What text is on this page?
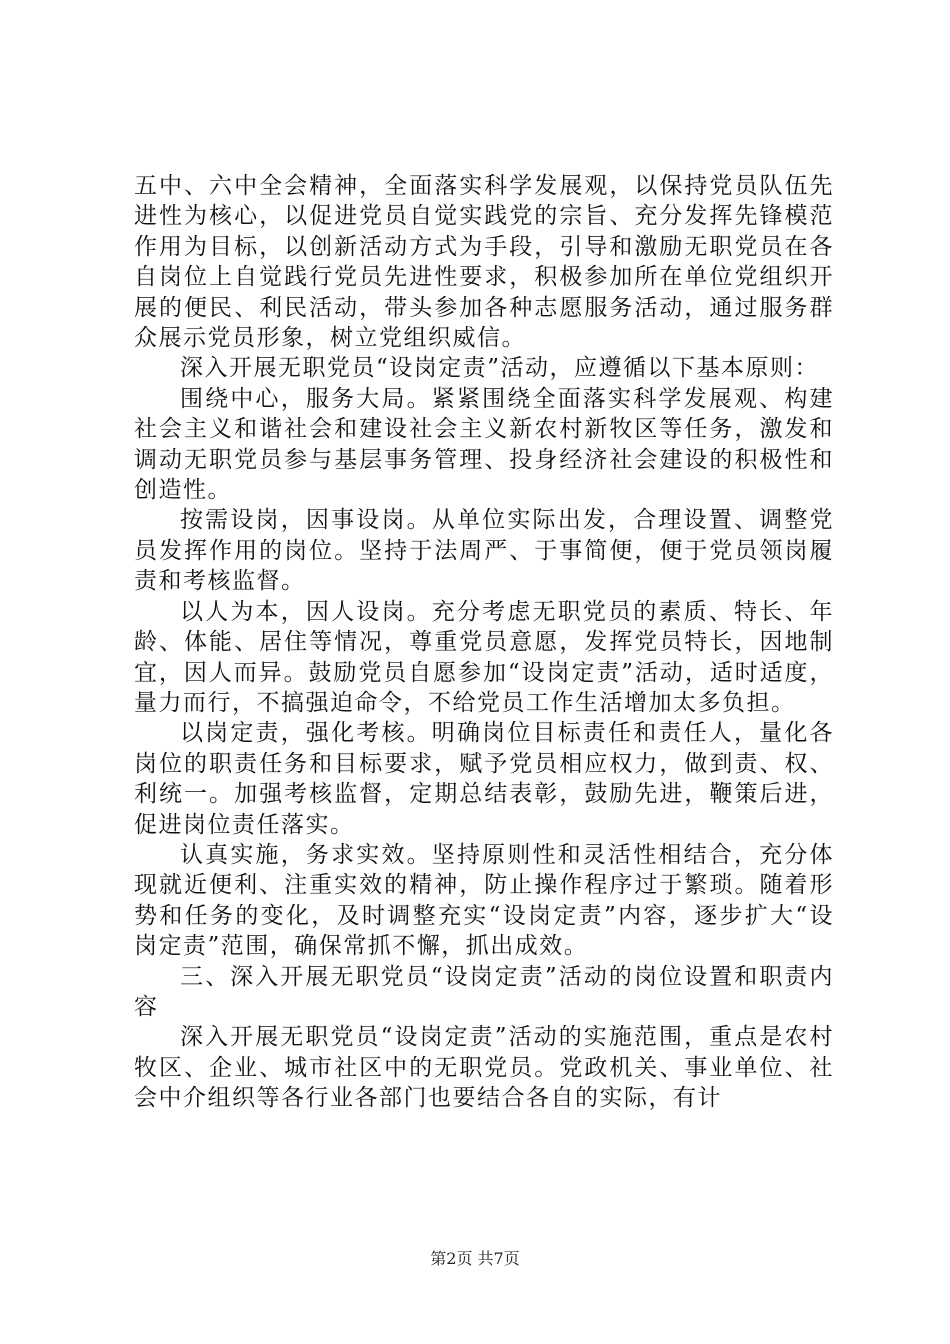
五中、六中全会精神，全面落实科学发展观，以保持党员队伍先进性为核心，以促进党员自觉实践党的宗旨、充分发挥先锋模范作用为目标，以创新活动方式为手段，引导和激励无职党员在各自岗位上自觉践行党员先进性要求，积极参加所在单位党组织开展的便民、利民活动，带头参加各种志愿服务活动，通过服务群众展示党员形象，树立党组织威信。

深入开展无职党员“设岗定责”活动，应遵循以下基本原则：

围绕中心，服务大局。紧紧围绕全面落实科学发展观、构建社会主义和谐社会和建设社会主义新农村新牧区等任务，激发和调动无职党员参与基层事务管理、投身经济社会建设的积极性和创造性。

按需设岗，因事设岗。从单位实际出发，合理设置、调整党员发挥作用的岗位。坚持于法周严、于事简便，便于党员领岗履责和考核监督。

以人为本，因人设岗。充分考虑无职党员的素质、特长、年龄、体能、居住等情况，尊重党员意愿，发挥党员特长，因地制宜，因人而异。鼓励党员自愿参加“设岗定责”活动，适时适度，量力而行，不搞强迫命令，不给党员工作生活增加太多负担。

以岗定责，强化考核。明确岗位目标责任和责任人，量化各岗位的职责任务和目标要求，赋予党员相应权力，做到责、权、利统一。加强考核监督，定期总结表彰，鼓励先进，鞭策后进，促进岗位责任落实。

认真实施，务求实效。坚持原则性和灵活性相结合，充分体现就近便利、注重实效的精神，防止操作程序过于繁琐。随着形势和任务的变化，及时调整充实“设岗定责”内容，逐步扩大“设岗定责”范围，确保常抓不懈，抓出成效。

三、深入开展无职党员“设岗定责”活动的岗位设置和职责内容

深入开展无职党员“设岗定责”活动的实施范围，重点是农村牧区、企业、城市社区中的无职党员。党政机关、事业单位、社会中介组织等各行业各部门也要结合各自的实际，有计

第2页 共7页
